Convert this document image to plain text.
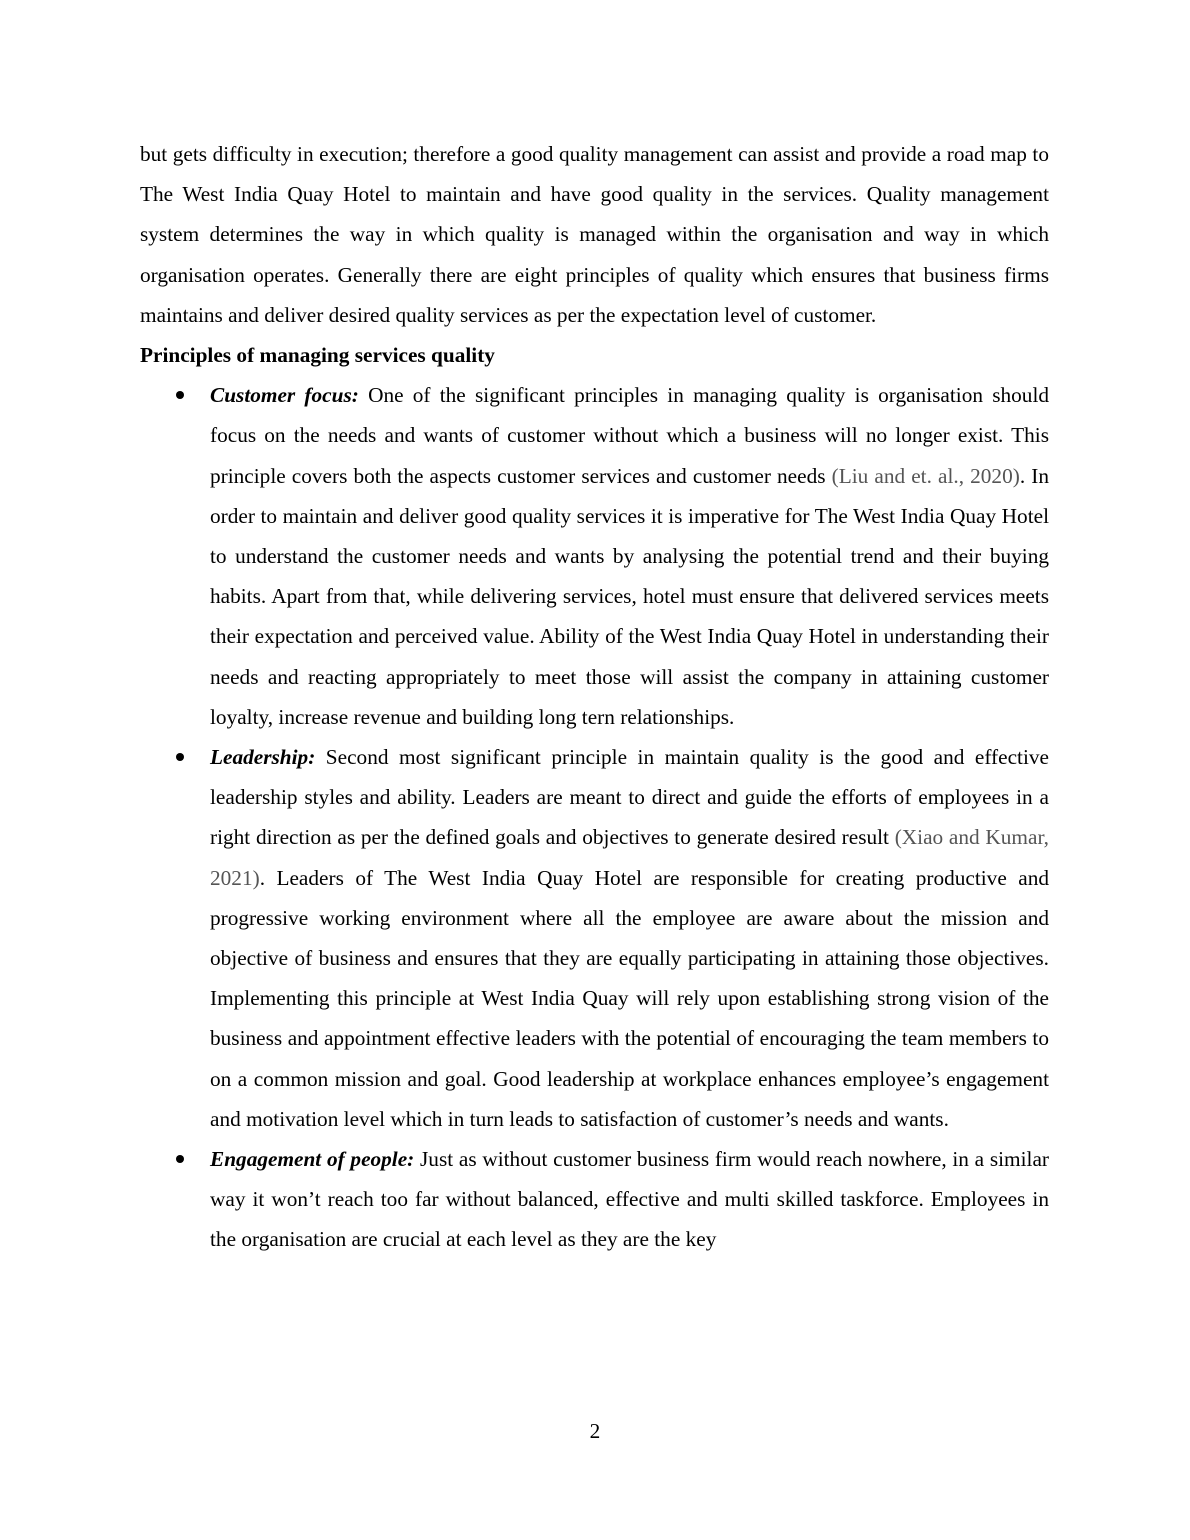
but gets difficulty in execution; therefore a good quality management can assist and provide a road map to The West India Quay Hotel to maintain and have good quality in the services. Quality management system determines the way in which quality is managed within the organisation and way in which organisation operates. Generally there are eight principles of quality which ensures that business firms maintains and deliver desired quality services as per the expectation level of customer.

Principles of managing services quality
Customer focus: One of the significant principles in managing quality is organisation should focus on the needs and wants of customer without which a business will no longer exist. This principle covers both the aspects customer services and customer needs (Liu and et. al., 2020). In order to maintain and deliver good quality services it is imperative for The West India Quay Hotel to understand the customer needs and wants by analysing the potential trend and their buying habits. Apart from that, while delivering services, hotel must ensure that delivered services meets their expectation and perceived value. Ability of the West India Quay Hotel in understanding their needs and reacting appropriately to meet those will assist the company in attaining customer loyalty, increase revenue and building long tern relationships.
Leadership: Second most significant principle in maintain quality is the good and effective leadership styles and ability. Leaders are meant to direct and guide the efforts of employees in a right direction as per the defined goals and objectives to generate desired result (Xiao and Kumar, 2021). Leaders of The West India Quay Hotel are responsible for creating productive and progressive working environment where all the employee are aware about the mission and objective of business and ensures that they are equally participating in attaining those objectives. Implementing this principle at West India Quay will rely upon establishing strong vision of the business and appointment effective leaders with the potential of encouraging the team members to on a common mission and goal. Good leadership at workplace enhances employee’s engagement and motivation level which in turn leads to satisfaction of customer’s needs and wants.
Engagement of people: Just as without customer business firm would reach nowhere, in a similar way it won’t reach too far without balanced, effective and multi skilled taskforce. Employees in the organisation are crucial at each level as they are the key
2
